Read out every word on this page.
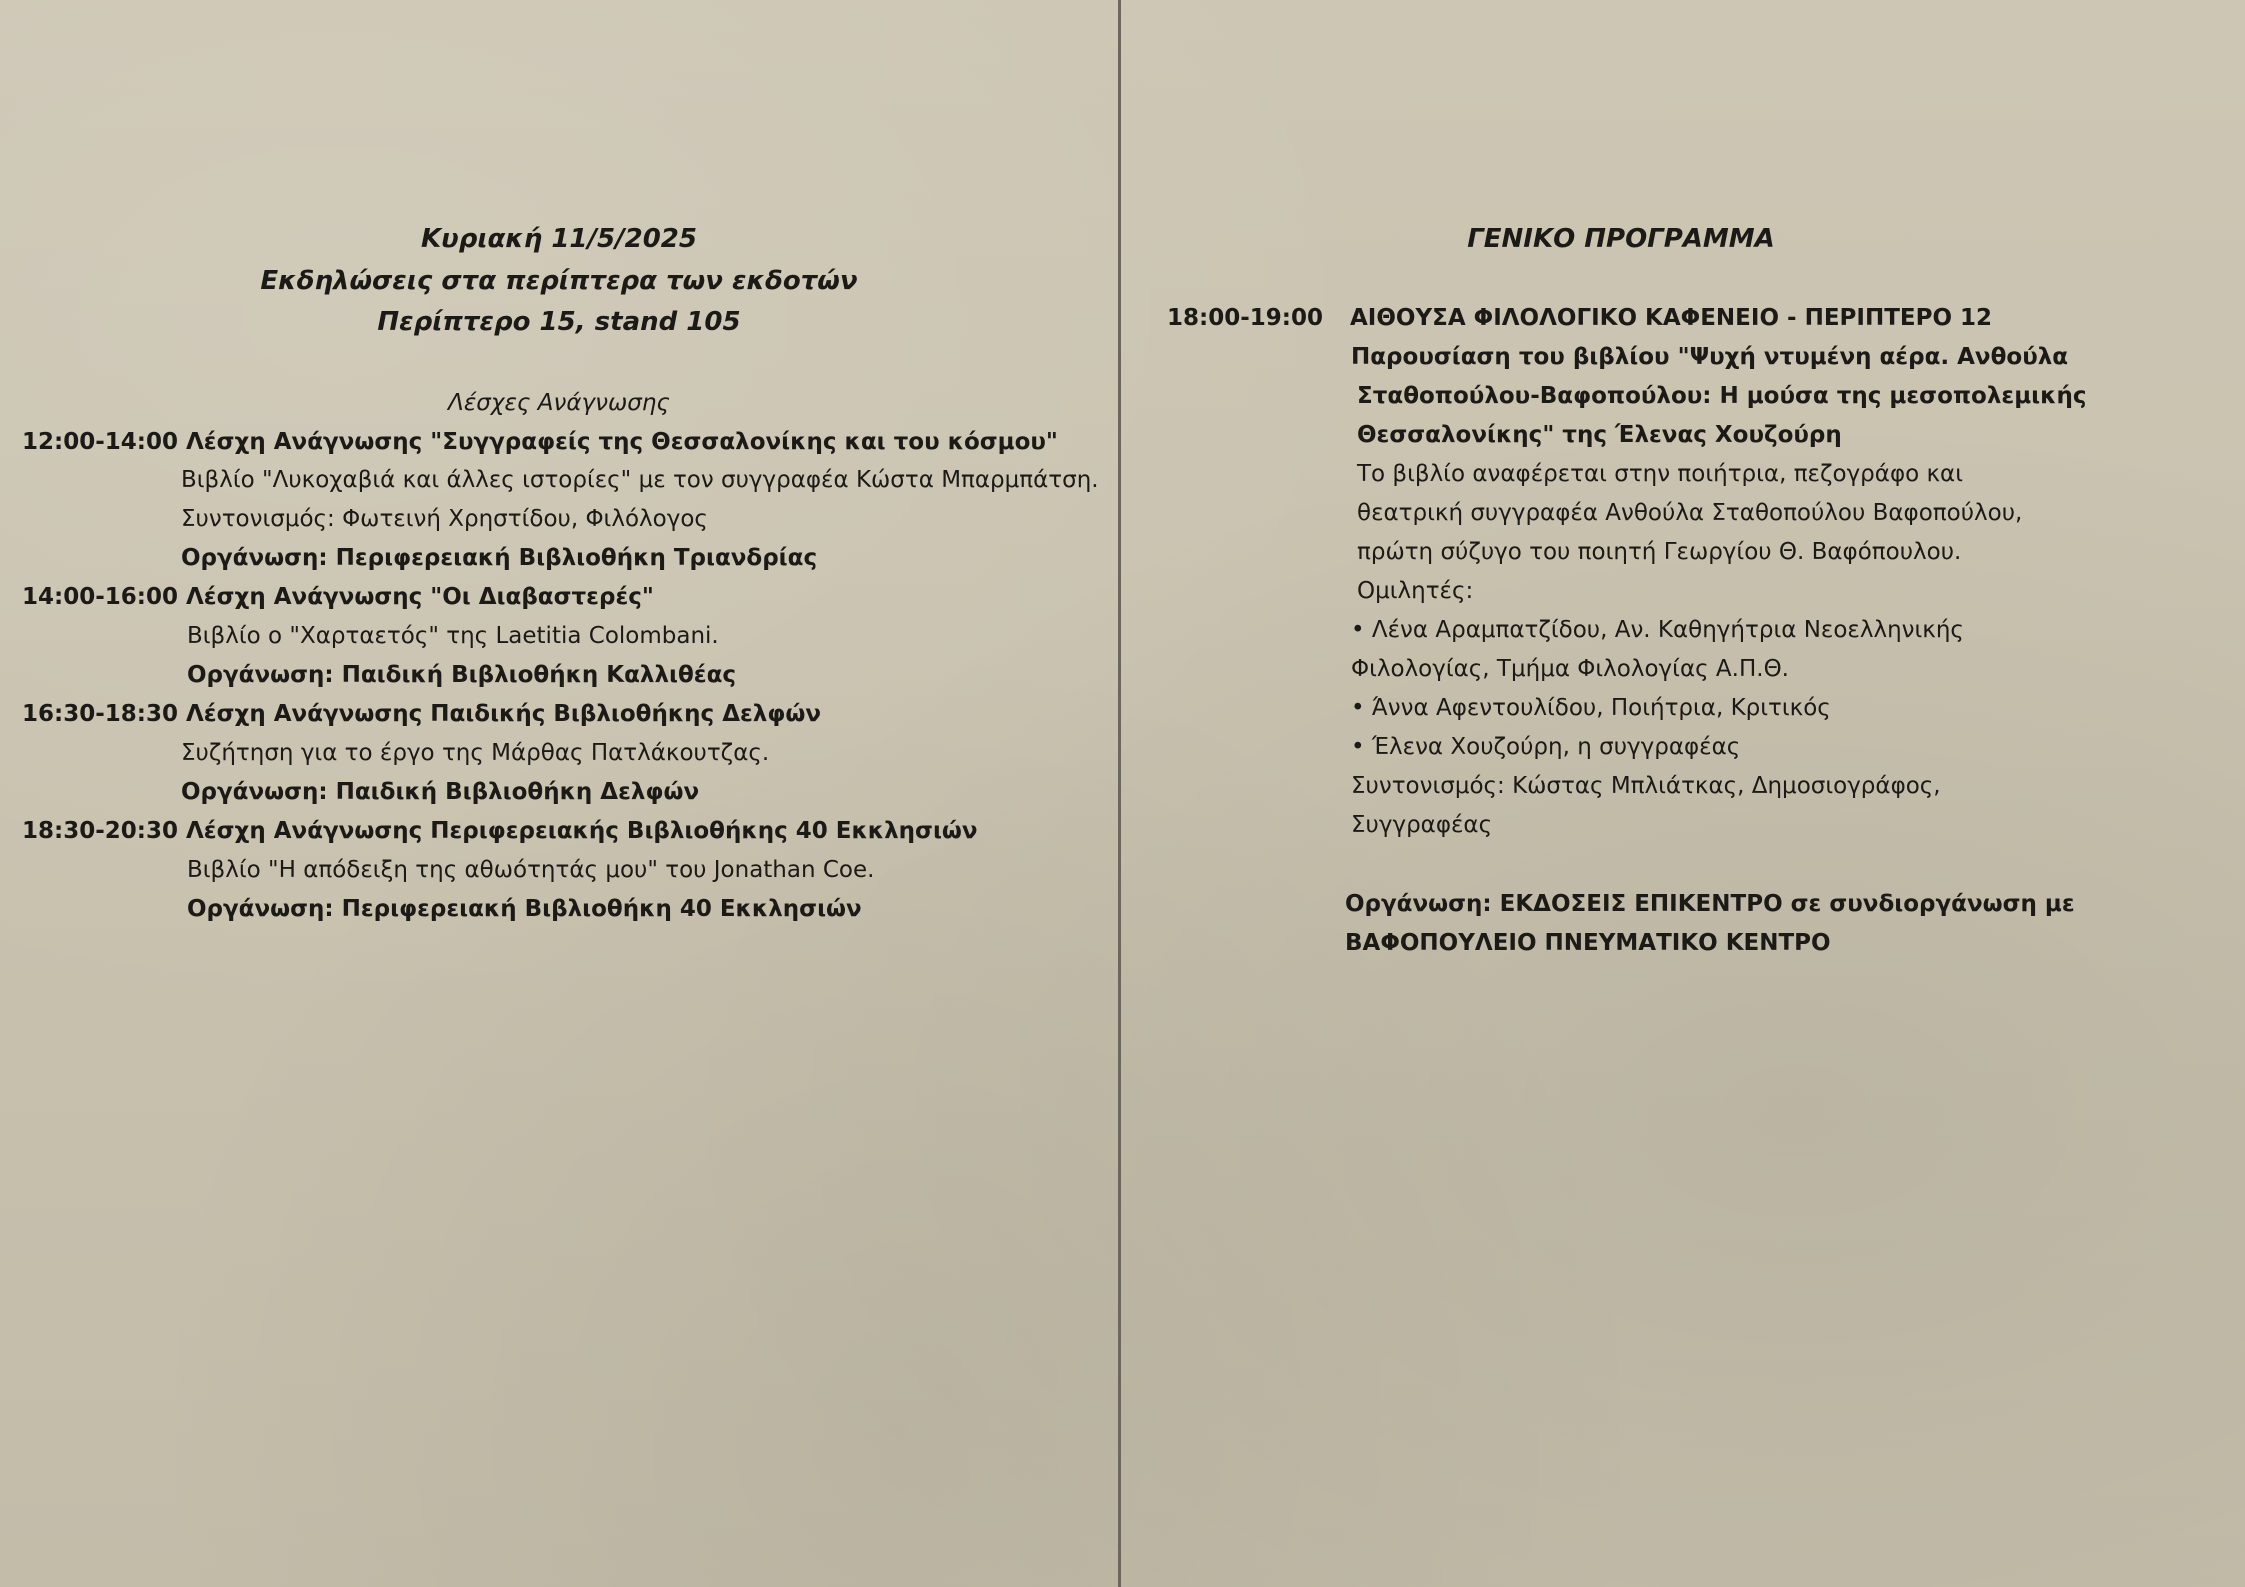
Κυριακή 11/5/2025
Εκδηλώσεις στα περίπτερα των εκδοτών
Περίπτερο 15, stand 105
Λέσχες Ανάγνωσης
12:00-14:00 Λέσχη Ανάγνωσης "Συγγραφείς της Θεσσαλονίκης και του κόσμου"
Βιβλίο "Λυκοχαβιά και άλλες ιστορίες" με τον συγγραφέα Κώστα Μπαρμπάτση.
Συντονισμός: Φωτεινή Χρηστίδου, Φιλόλογος
Οργάνωση: Περιφερειακή Βιβλιοθήκη Τριανδρίας
14:00-16:00 Λέσχη Ανάγνωσης "Οι Διαβαστερές"
Βιβλίο ο "Χαρταετός" της Laetitia Colombani.
Οργάνωση: Παιδική Βιβλιοθήκη Καλλιθέας
16:30-18:30 Λέσχη Ανάγνωσης Παιδικής Βιβλιοθήκης Δελφών
Συζήτηση για το έργο της Μάρθας Πατλάκουτζας.
Οργάνωση: Παιδική Βιβλιοθήκη Δελφών
18:30-20:30 Λέσχη Ανάγνωσης Περιφερειακής Βιβλιοθήκης 40 Εκκλησιών
Βιβλίο "Η απόδειξη της αθωότητάς μου" του Jonathan Coe.
Οργάνωση: Περιφερειακή Βιβλιοθήκη 40 Εκκλησιών
ΓΕΝΙΚΟ ΠΡΟΓΡΑΜΜΑ
18:00-19:00 ΑΙΘΟΥΣΑ ΦΙΛΟΛΟΓΙΚΟ ΚΑΦΕΝΕΙΟ - ΠΕΡΙΠΤΕΡΟ 12
Παρουσίαση του βιβλίου "Ψυχή ντυμένη αέρα. Ανθούλα
Σταθοπούλου-Βαφοπούλου: Η μούσα της μεσοπολεμικής
Θεσσαλονίκης" της Έλενας Χουζούρη
Το βιβλίο αναφέρεται στην ποιήτρια, πεζογράφο και
θεατρική συγγραφέα Ανθούλα Σταθοπούλου Βαφοπούλου,
πρώτη σύζυγο του ποιητή Γεωργίου Θ. Βαφόπουλου.
Ομιλητές:
• Λένα Αραμπατζίδου, Αν. Καθηγήτρια Νεοελληνικής
Φιλολογίας, Τμήμα Φιλολογίας Α.Π.Θ.
• Άννα Αφεντουλίδου, Ποιήτρια, Κριτικός
• Έλενα Χουζούρη, η συγγραφέας
Συντονισμός: Κώστας Μπλιάτκας, Δημοσιογράφος,
Συγγραφέας
Οργάνωση: ΕΚΔΟΣΕΙΣ ΕΠΙΚΕΝΤΡΟ σε συνδιοργάνωση με
ΒΑΦΟΠΟΥΛΕΙΟ ΠΝΕΥΜΑΤΙΚΟ ΚΕΝΤΡΟ
